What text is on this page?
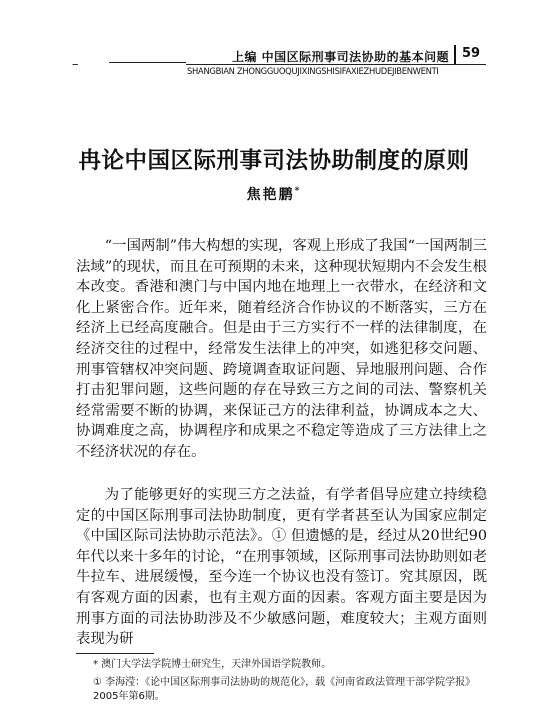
–	上编 中国区际刑事司法协助的基本问题 59
SHANGBIAN ZHONGGUOQUJIXINGSHISIFAXIEZHUDEJIBENWENTI
冉论中国区际刑事司法协助制度的原则
焦艳鹏*

“一国两制”伟大构想的实现，客观上形成了我国“一国两制三法域”的现状，而且在可预期的未来，这种现状短期内不会发生根本改变。香港和澳门与中国内地在地理上一衣带水，在经济和文化上紧密合作。近年来，随着经济合作协议的不断落实，三方在经济上已经高度融合。但是由于三方实行不一样的法律制度，在经济交往的过程中，经常发生法律上的冲突，如逃犯移交问题、刑事管辖权冲突问题、跨境调查取证问题、异地服刑问题、合作打击犯罪问题，这些问题的存在导致三方之间的司法、警察机关经常需要不断的协调，来保证己方的法律利益，协调成本之大、协调难度之高，协调程序和成果之不稳定等造成了三方法律上之不经济状况的存在。

为了能够更好的实现三方之法益，有学者倡导应建立持续稳定的中国区际刑事司法协助制度，更有学者甚至认为国家应制定《中国区际司法协助示范法》。① 但遗憾的是，经过从20世纪90年代以来十多年的讨论，“在刑事领域，区际刑事司法协助则如老牛拉车、进展缓慢，至今连一个协议也没有签订。究其原因，既有客观方面的因素，也有主观方面的因素。客观方面主要是因为刑事方面的司法协助涉及不少敏感问题，难度较大；主观方面则表现为研

* 澳门大学法学院博士研究生，天津外国语学院教师。
① 李海滢：《论中国区际刑事司法协助的规范化》，载《河南省政法管理干部学院学报》2005年第6期。
